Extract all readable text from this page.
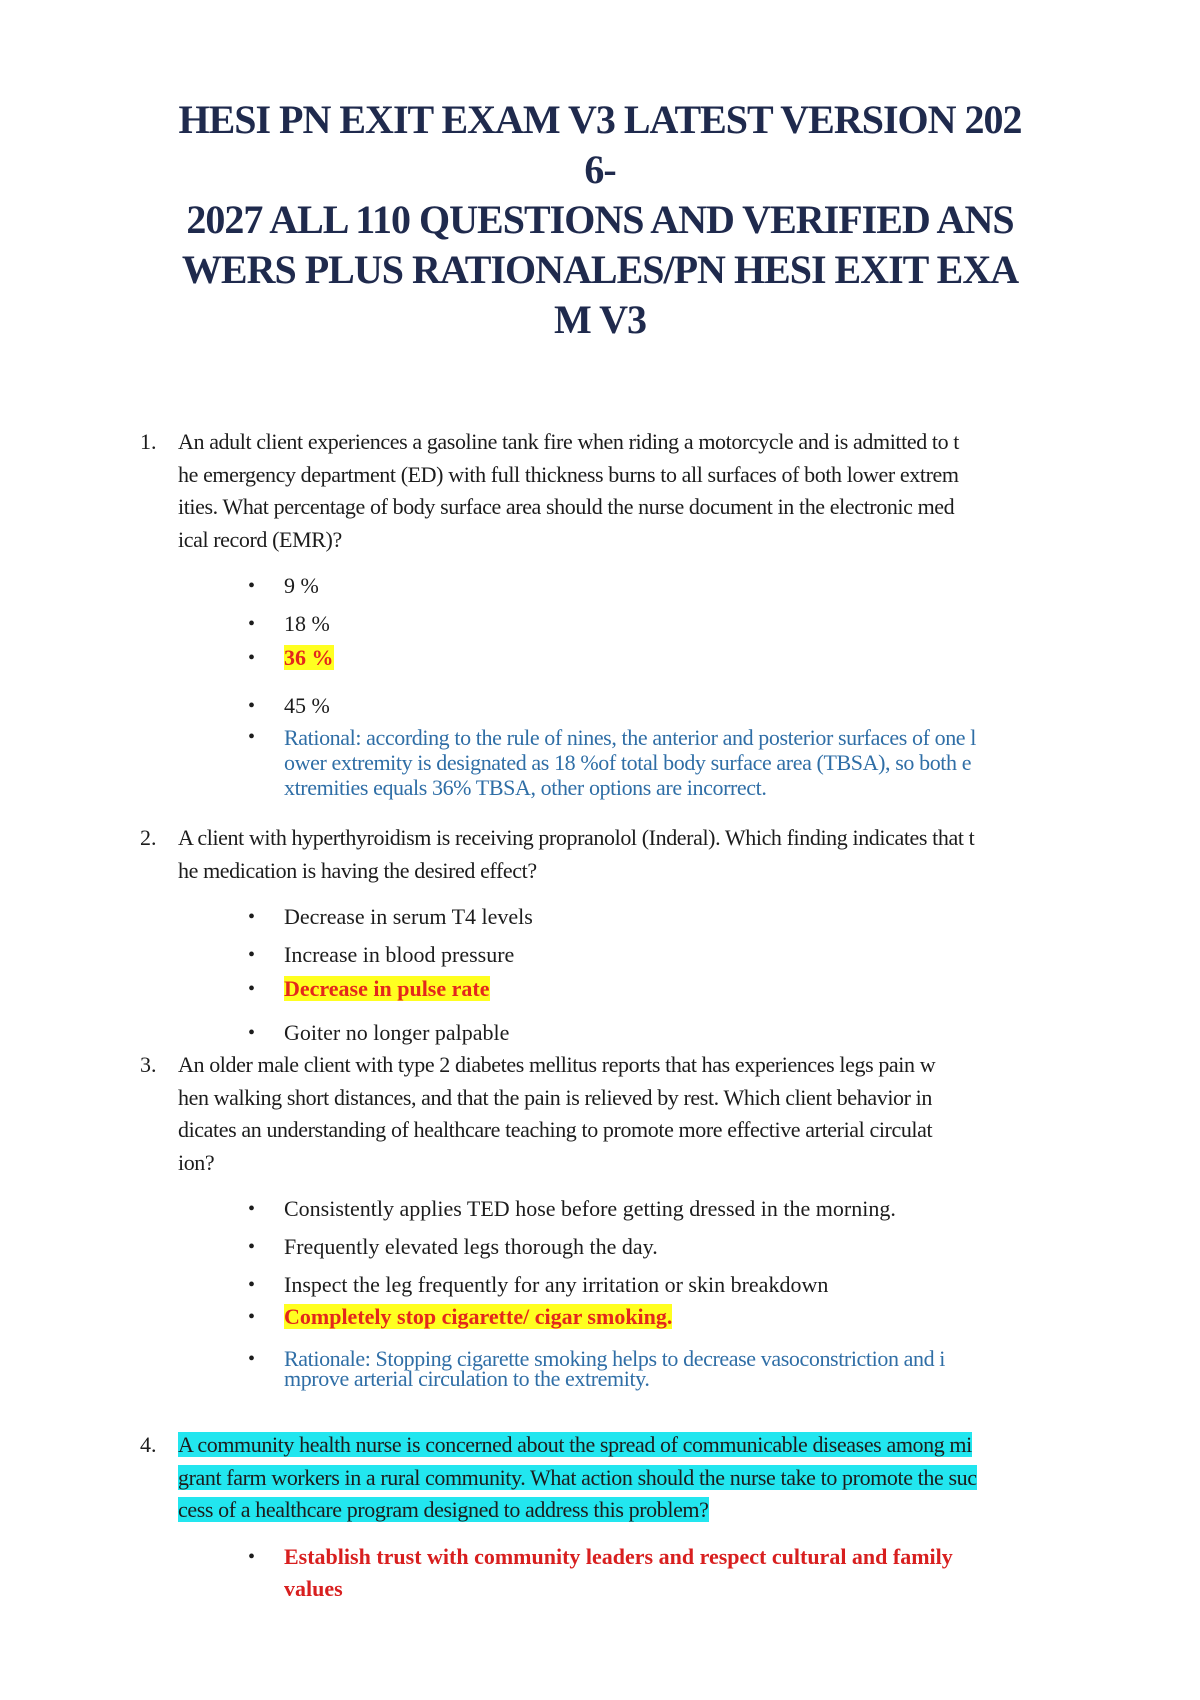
HESI PN EXIT EXAM V3 LATEST VERSION 202
6-
2027 ALL 110 QUESTIONS AND VERIFIED ANS
WERS PLUS RATIONALES/PN HESI EXIT EXA
M V3
1. An adult client experiences a gasoline tank fire when riding a motorcycle and is admitted to t
he emergency department (ED) with full thickness burns to all surfaces of both lower extrem
ities. What percentage of body surface area should the nurse document in the electronic med
ical record (EMR)?

• 9 %
• 18 %
• 36 %
• 45 %
• Rational: according to the rule of nines, the anterior and posterior surfaces of one l
ower extremity is designated as 18 %of total body surface area (TBSA), so both e
xtremities equals 36% TBSA, other options are incorrect.
2. A client with hyperthyroidism is receiving propranolol (Inderal). Which finding indicates that t
he medication is having the desired effect?

• Decrease in serum T4 levels
• Increase in blood pressure
• Decrease in pulse rate
• Goiter no longer palpable
3. An older male client with type 2 diabetes mellitus reports that has experiences legs pain w
hen walking short distances, and that the pain is relieved by rest. Which client behavior in
dicates an understanding of healthcare teaching to promote more effective arterial circulat
ion?

• Consistently applies TED hose before getting dressed in the morning.
• Frequently elevated legs thorough the day.
• Inspect the leg frequently for any irritation or skin breakdown
• Completely stop cigarette/ cigar smoking.
• Rationale: Stopping cigarette smoking helps to decrease vasoconstriction and i
mprove arterial circulation to the extremity.
4. A community health nurse is concerned about the spread of communicable diseases among mi
grant farm workers in a rural community. What action should the nurse take to promote the suc
cess of a healthcare program designed to address this problem?

• Establish trust with community leaders and respect cultural and family
values
